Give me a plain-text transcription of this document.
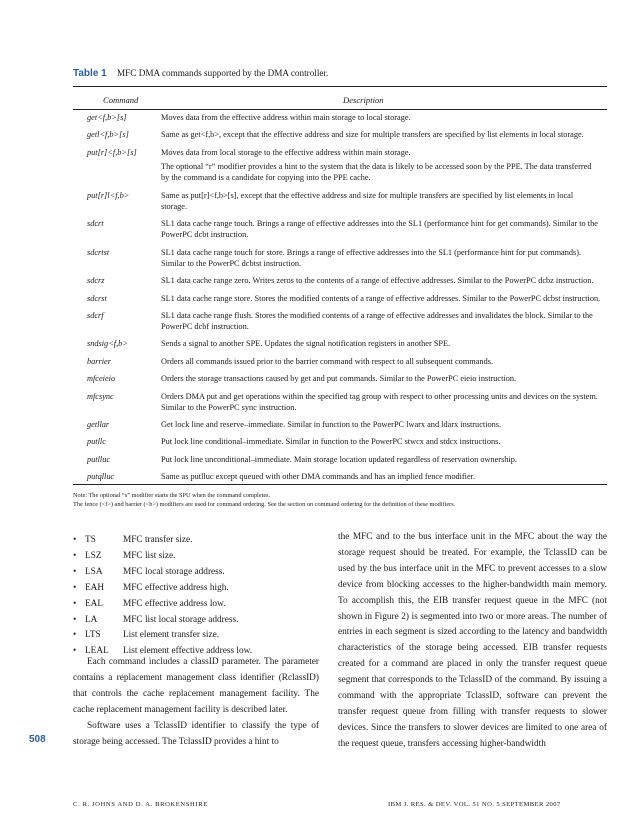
Table 1 MFC DMA commands supported by the DMA controller.
Command	Description
get<f,b>[s]	Moves data from the effective address within main storage to local storage.
getl<f,b>[s]	Same as get<f,b>, except that the effective address and size for multiple transfers are specified by list elements in local storage.
put[r]<f,b>[s]	Moves data from local storage to the effective address within main storage.
The optional “r” modifier provides a hint to the system that the data is likely to be accessed soon by the PPE. The data transferred by the command is a candidate for copying into the PPE cache.
put[r]l<f,b>	Same as put[r]<f,b>[s], except that the effective address and size for multiple transfers are specified by list elements in local storage.
sdcrt	SL1 data cache range touch. Brings a range of effective addresses into the SL1 (performance hint for get commands). Similar to the PowerPC dcbt instruction.
sdcrtst	SL1 data cache range touch for store. Brings a range of effective addresses into the SL1 (performance hint for put commands). Similar to the PowerPC dcbtst instruction.
sdcrz	SL1 data cache range zero. Writes zeros to the contents of a range of effective addresses. Similar to the PowerPC dcbz instruction.
sdcrst	SL1 data cache range store. Stores the modified contents of a range of effective addresses. Similar to the PowerPC dcbst instruction.
sdcrf	SL1 data cache range flush. Stores the modified contents of a range of effective addresses and invalidates the block. Similar to the PowerPC dcbf instruction.
sndsig<f,b>	Sends a signal to another SPE. Updates the signal notification registers in another SPE.
barrier	Orders all commands issued prior to the barrier command with respect to all subsequent commands.
mfceieio	Orders the storage transactions caused by get and put commands. Similar to the PowerPC eieio instruction.
mfcsync	Orders DMA put and get operations within the specified tag group with respect to other processing units and devices on the system. Similar to the PowerPC sync instruction.
getllar	Get lock line and reserve–immediate. Similar in function to the PowerPC lwarx and ldarx instructions.
putllc	Put lock line conditional–immediate. Similar in function to the PowerPC stwcx and stdcx instructions.
putlluc	Put lock line unconditional–immediate. Main storage location updated regardless of reservation ownership.
putqlluc	Same as putlluc except queued with other DMA commands and has an implied fence modifier.
Note: The optional “s” modifier starts the SPU when the command completes.
The fence (<f>) and barrier (<b>) modifiers are used for command ordering. See the section on command ordering for the definition of these modifiers.
• TS	MFC transfer size.
• LSZ MFC list size.
• LSA MFC local storage address.
• EAH MFC effective address high.
• EAL MFC effective address low.
• LA	MFC list local storage address.
• LTS List element transfer size.
• LEAL List element effective address low.

Each command includes a classID parameter. The parameter contains a replacement management class identifier (RclassID) that controls the cache replacement management facility. The cache replacement management facility is described later.

Software uses a TclassID identifier to classify the type of storage being accessed. The TclassID provides a hint to

the MFC and to the bus interface unit in the MFC about the way the storage request should be treated. For example, the TclassID can be used by the bus interface unit in the MFC to prevent accesses to a slow device from blocking accesses to the higher-bandwidth main memory. To accomplish this, the EIB transfer request queue in the MFC (not shown in Figure 2) is segmented into two or more areas. The number of entries in each segment is sized according to the latency and bandwidth characteristics of the storage being accessed. EIB transfer requests created for a command are placed in only the transfer request queue segment that corresponds to the TclassID of the command. By issuing a command with the appropriate TclassID, software can prevent the transfer request queue from filling with transfer requests to slower devices. Since the transfers to slower devices are limited to one area of the request queue, transfers accessing higher-bandwidth

508
C. R. JOHNS AND D. A. BROKENSHIRE	IBM J. RES. & DEV. VOL. 51 NO. 5 SEPTEMBER 2007
